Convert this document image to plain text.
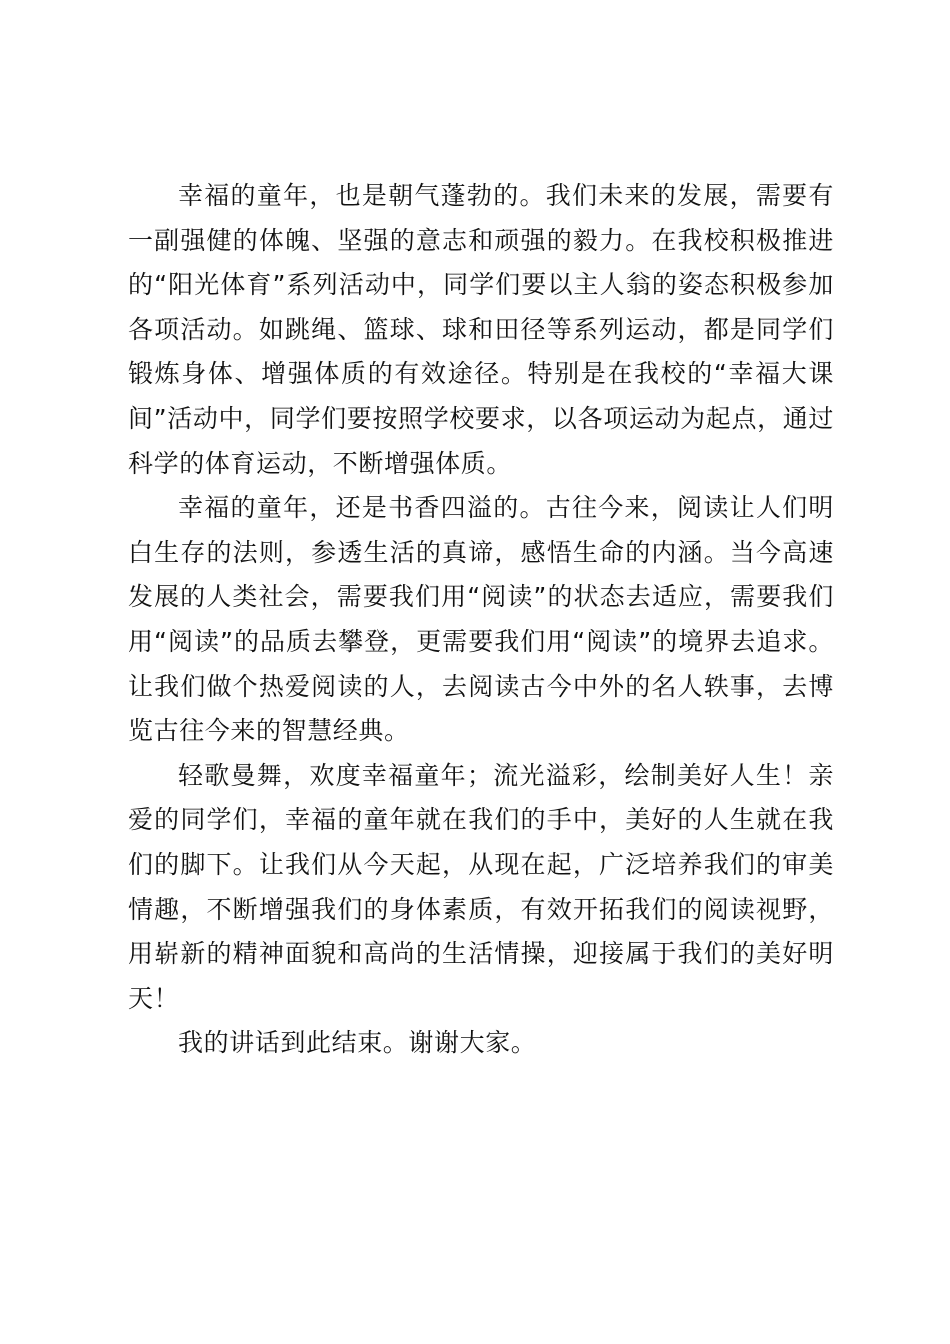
幸福的童年，也是朝气蓬勃的。我们未来的发展，需要有一副强健的体魄、坚强的意志和顽强的毅力。在我校积极推进的“阳光体育”系列活动中，同学们要以主人翁的姿态积极参加各项活动。如跳绳、篮球、球和田径等系列运动，都是同学们锻炼身体、增强体质的有效途径。特别是在我校的“幸福大课间”活动中，同学们要按照学校要求，以各项运动为起点，通过科学的体育运动，不断增强体质。

幸福的童年，还是书香四溢的。古往今来，阅读让人们明白生存的法则，参透生活的真谛，感悟生命的内涵。当今高速发展的人类社会，需要我们用“阅读”的状态去适应，需要我们用“阅读”的品质去攀登，更需要我们用“阅读”的境界去追求。让我们做个热爱阅读的人，去阅读古今中外的名人轶事，去博览古往今来的智慧经典。

轻歌曼舞，欢度幸福童年；流光溢彩，绘制美好人生！亲爱的同学们，幸福的童年就在我们的手中，美好的人生就在我们的脚下。让我们从今天起，从现在起，广泛培养我们的审美情趣，不断增强我们的身体素质，有效开拓我们的阅读视野，用崭新的精神面貌和高尚的生活情操，迎接属于我们的美好明天！

我的讲话到此结束。谢谢大家。
